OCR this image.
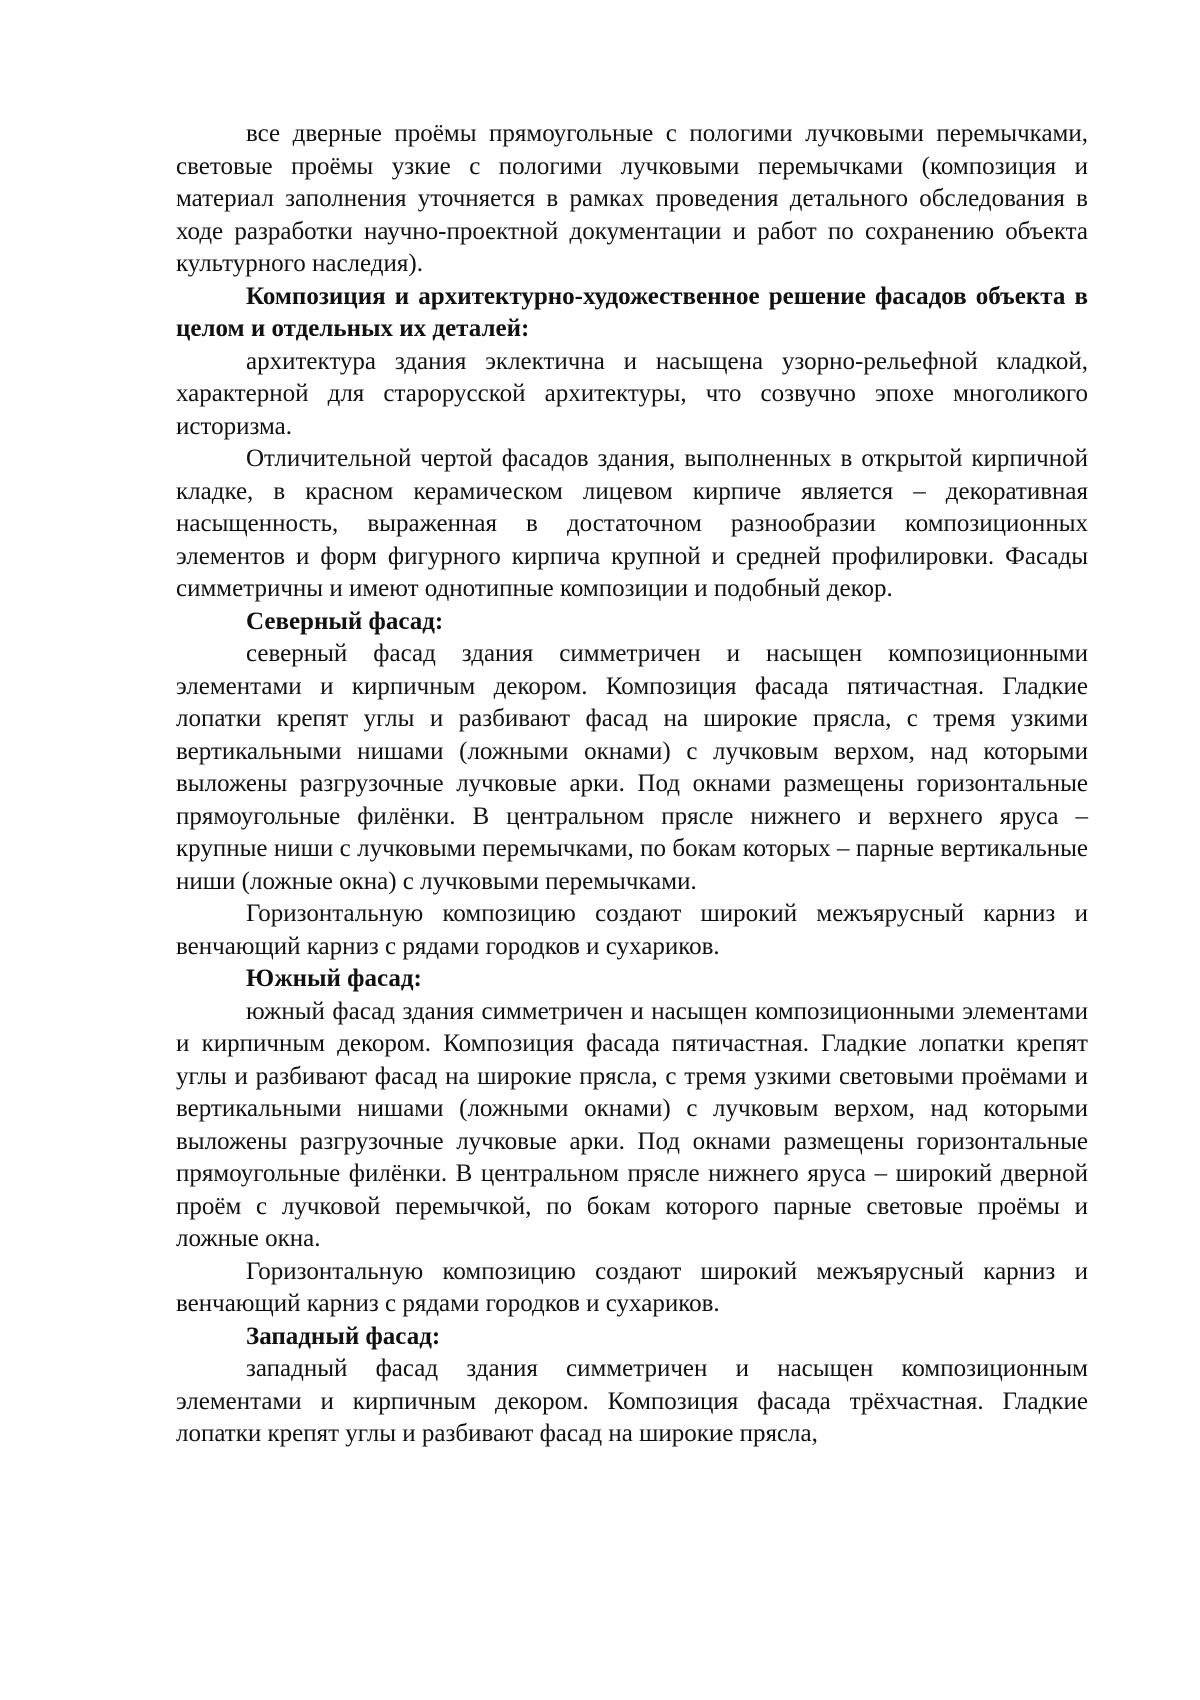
все дверные проёмы прямоугольные с пологими лучковыми перемычками, световые проёмы узкие с пологими лучковыми перемычками (композиция и материал заполнения уточняется в рамках проведения детального обследования в ходе разработки научно-проектной документации и работ по сохранению объекта культурного наследия).

Композиция и архитектурно-художественное решение фасадов объекта в целом и отдельных их деталей:

архитектура здания эклектична и насыщена узорно-рельефной кладкой, характерной для старорусской архитектуры, что созвучно эпохе многоликого историзма.

Отличительной чертой фасадов здания, выполненных в открытой кирпичной кладке, в красном керамическом лицевом кирпиче является – декоративная насыщенность, выраженная в достаточном разнообразии композиционных элементов и форм фигурного кирпича крупной и средней профилировки. Фасады симметричны и имеют однотипные композиции и подобный декор.

Северный фасад:

северный фасад здания симметричен и насыщен композиционными элементами и кирпичным декором. Композиция фасада пятичастная. Гладкие лопатки крепят углы и разбивают фасад на широкие прясла, с тремя узкими вертикальными нишами (ложными окнами) с лучковым верхом, над которыми выложены разгрузочные лучковые арки. Под окнами размещены горизонтальные прямоугольные филёнки. В центральном прясле нижнего и верхнего яруса – крупные ниши с лучковыми перемычками, по бокам которых – парные вертикальные ниши (ложные окна) с лучковыми перемычками.

Горизонтальную композицию создают широкий межъярусный карниз и венчающий карниз с рядами городков и сухариков.

Южный фасад:

южный фасад здания симметричен и насыщен композиционными элементами и кирпичным декором. Композиция фасада пятичастная. Гладкие лопатки крепят углы и разбивают фасад на широкие прясла, с тремя узкими световыми проёмами и вертикальными нишами (ложными окнами) с лучковым верхом, над которыми выложены разгрузочные лучковые арки. Под окнами размещены горизонтальные прямоугольные филёнки. В центральном прясле нижнего яруса – широкий дверной проём с лучковой перемычкой, по бокам которого парные световые проёмы и ложные окна.

Горизонтальную композицию создают широкий межъярусный карниз и венчающий карниз с рядами городков и сухариков.

Западный фасад:

западный фасад здания симметричен и насыщен композиционным элементами и кирпичным декором. Композиция фасада трёхчастная. Гладкие лопатки крепят углы и разбивают фасад на широкие прясла,
